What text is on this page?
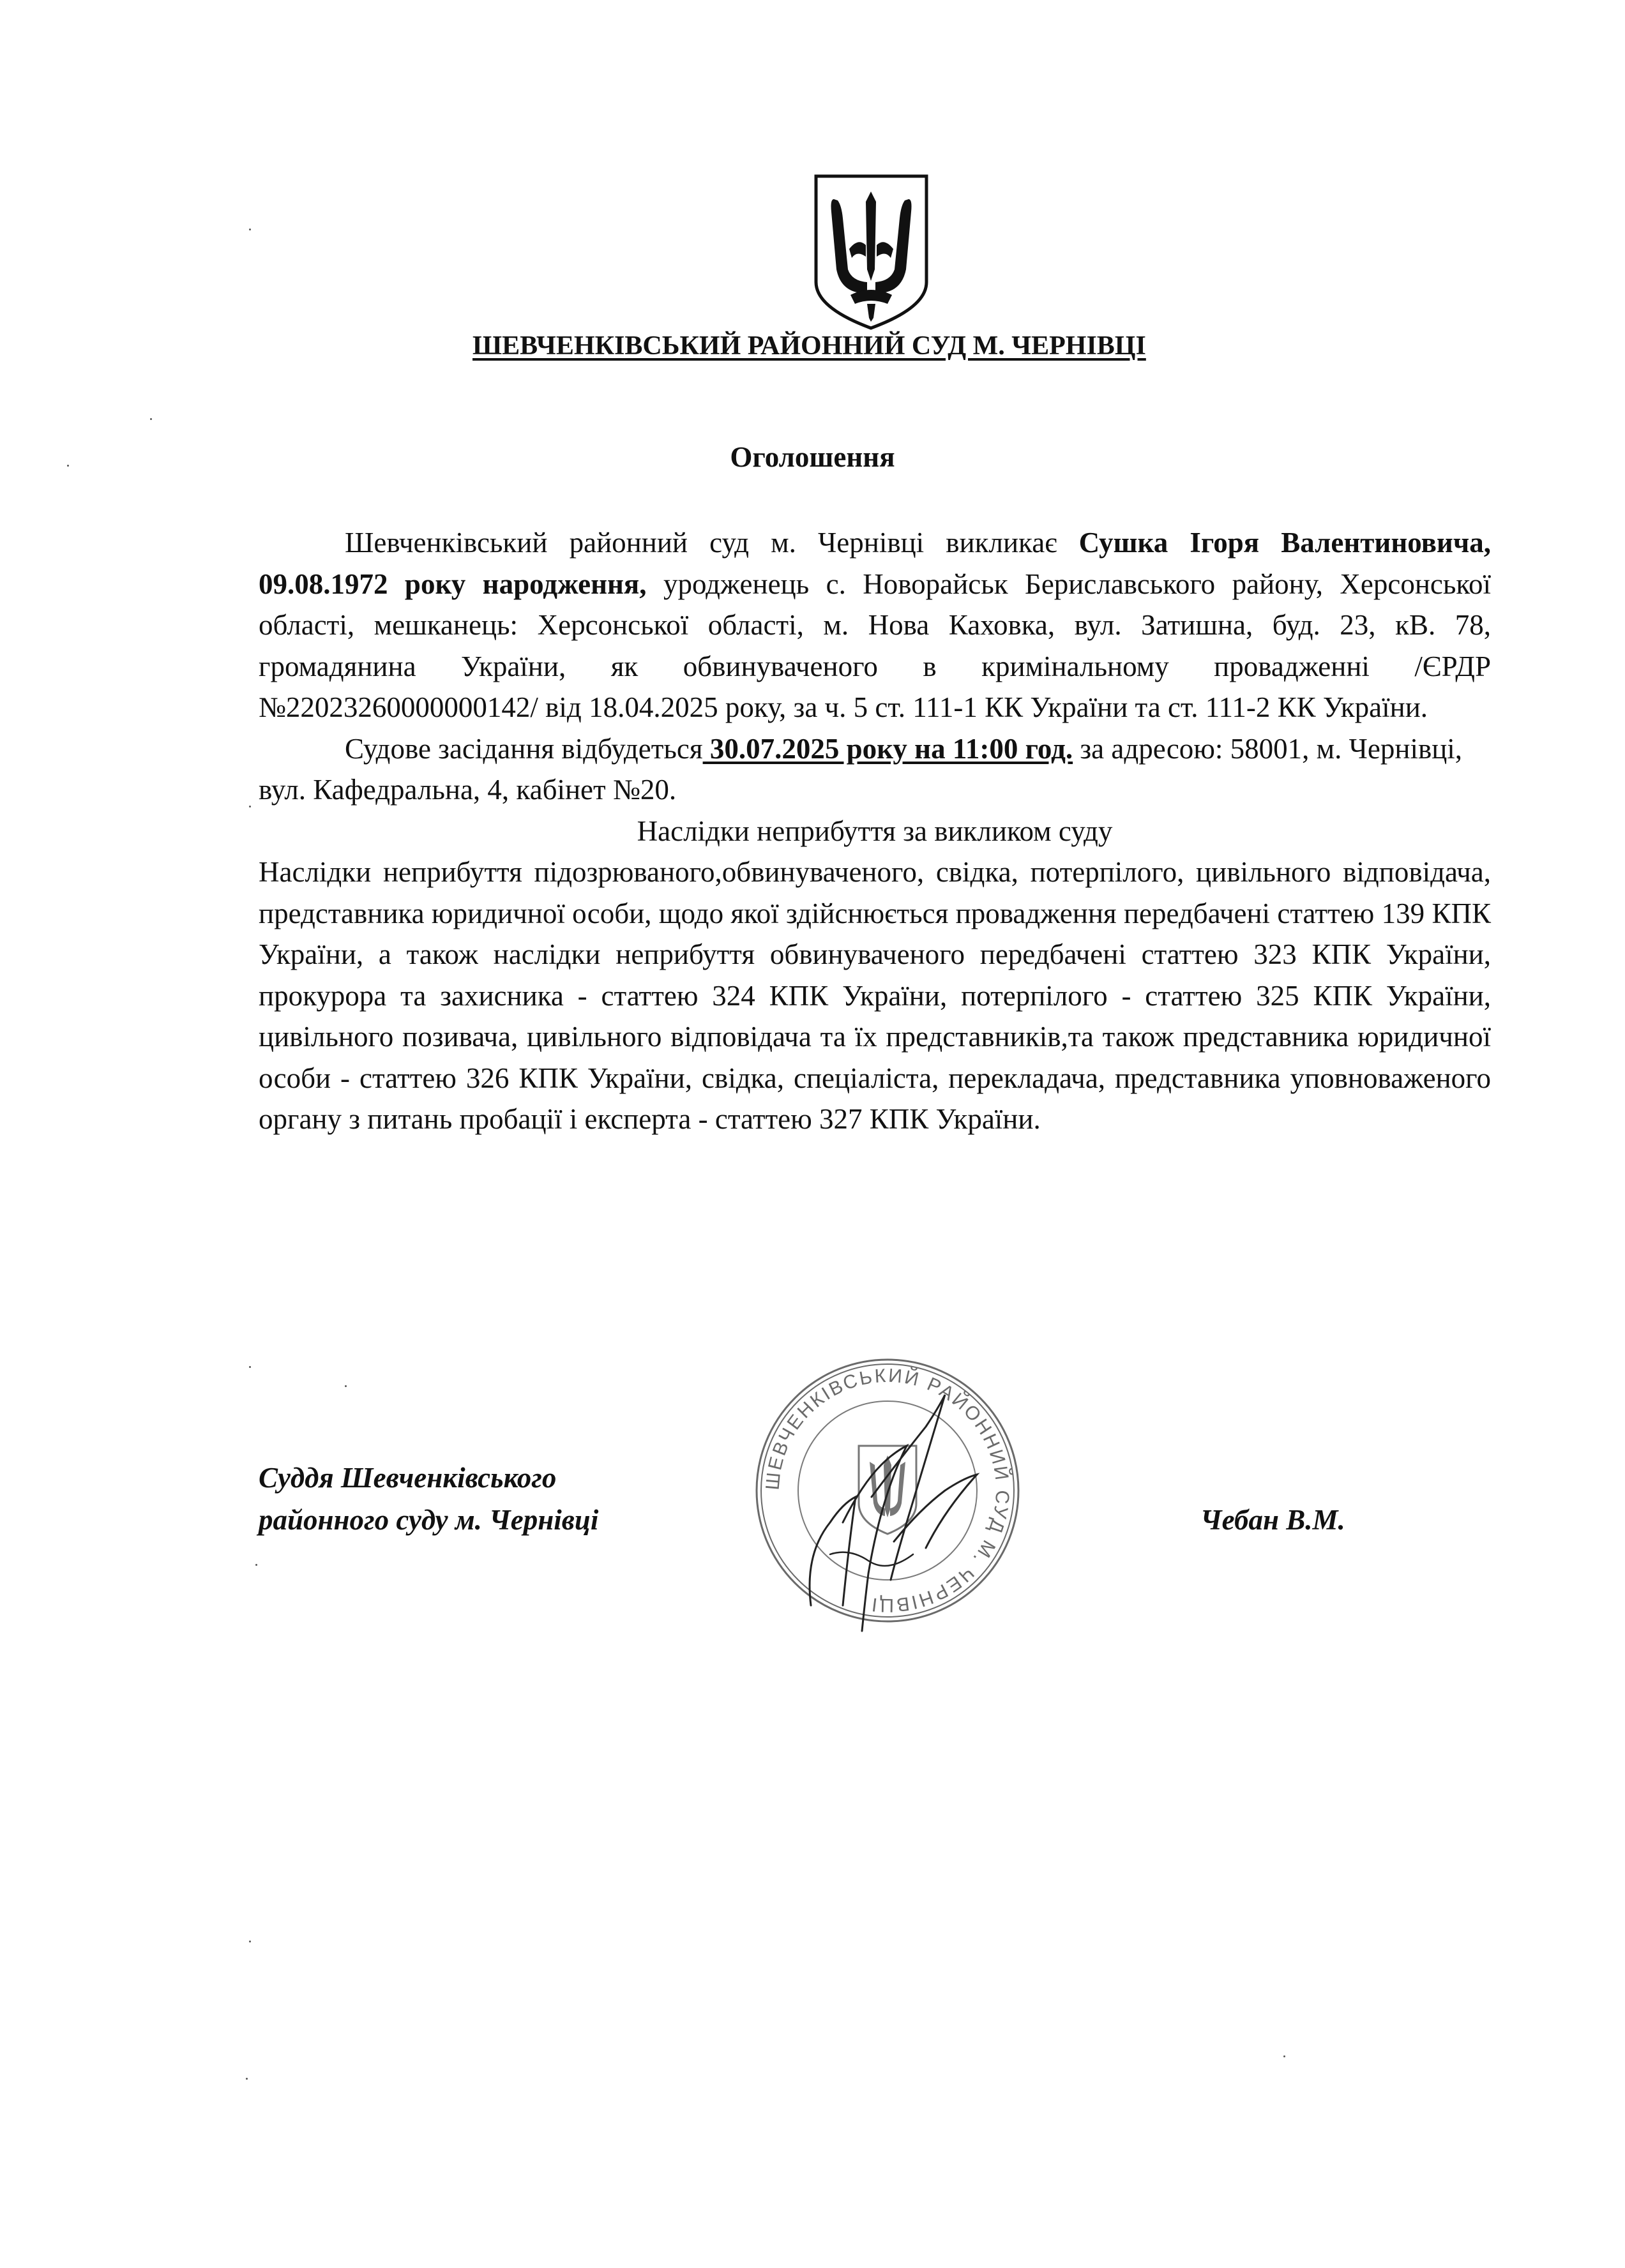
ШЕВЧЕНКІВСЬКИЙ РАЙОННИЙ СУД М. ЧЕРНІВЦІ
Оголошення

Шевченківський районний суд м. Чернівці викликає Сушка Ігоря Валентиновича, 09.08.1972 року народження, уродженець с. Новорайськ Бериславського району, Херсонської області, мешканець: Херсонської області, м. Нова Каховка, вул. Затишна, буд. 23, кВ. 78, громадянина України, як обвинуваченого в кримінальному провадженні /ЄРДР №22023260000000142/ від 18.04.2025 року, за ч. 5 ст. 111-1 КК України та ст. 111-2 КК України.

Судове засідання відбудеться 30.07.2025 року на 11:00 год. за адресою: 58001, м. Чернівці, вул. Кафедральна, 4, кабінет №20.

Наслідки неприбуття за викликом суду

Наслідки неприбуття підозрюваного,обвинуваченого, свідка, потерпілого, цивільного відповідача, представника юридичної особи, щодо якої здійснюється провадження передбачені статтею 139 КПК України, а також наслідки неприбуття обвинуваченого передбачені статтею 323 КПК України, прокурора та захисника - статтею 324 КПК України, потерпілого - статтею 325 КПК України, цивільного позивача, цивільного відповідача та їх представників,та також представника юридичної особи - статтею 326 КПК України, свідка, спеціаліста, перекладача, представника уповноваженого органу з питань пробації і експерта - статтею 327 КПК України.

ШЕВЧЕНКІВСЬКИЙ РАЙОННИЙ СУД М. ЧЕРНІВЦІ
Суддя Шевченківського
районного суду м. Чернівці	Чебан В.М.
